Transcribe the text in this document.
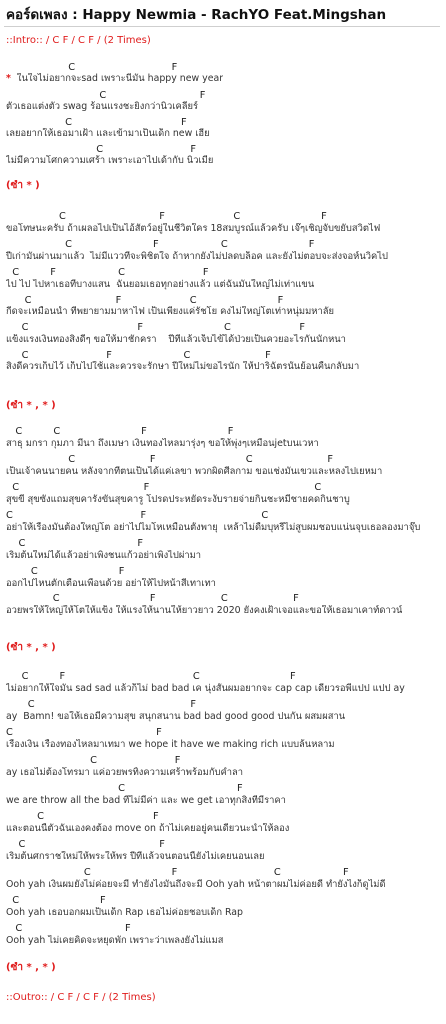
คอร์ดเพลง : Happy Newmia - RachYO Feat.Mingshan
::Intro:: / C F / C F / (2 Times)
C                               F
*  ในใจไม่อยากจะsad เพราะนี่มัน happy new year
C                              F
ตัวเธอแต่งตัว swag ร้อนแรงชะยิ่งกว่านิวเคลียร์
C                                   F
เลยอยากให้เธอมาเฝ้า และเข้ามาเป็นเด็ก new เฮีย
C                            F
ไม่มีความโศกความเศร้า เพราะเอาไปเด้ากับ นิวเมีย
(ซ้ำ * )
C                              F                      C                          F
ขอโทษนะครับ ถ้าเผลอไปเป็นไอ้สัตว์อยู่ในชีวิตใคร 18สมบูรณ์แล้วครับ เจ๊ๆเชิญจับขยับสวิตไฟ
C                          F                    C                          F
ปีเก่ามันผ่านมาแล้ว  ไม่มีแววที่จะพิชิตใจ ถ้าหากยังไม่ปลดบล็อค และยังไม่ตอบจะส่งจอห์นวิคไป
C          F                    C                         F
ไป ไป ไปหาเธอที่บางแสน  ฉันยอมเธอทุกอย่างแล้ว แต่ฉันมันใหญ่ไม่เท่าแขน
C                           F                      C                          F
กีดจะเหมือนน้ำ ที่พยายามมาหาไฟ เป็นเพียงแค่รัชโย คงไม่ใหญ่โตเท่าหนุ่มมหาลัย
C                                   F                          C                      F
แข็งแรงเงินทองสิ่งดีๆ ขอให้มาชักครา    ปีที่แล้วเจ็บไข้ได้ป่วยเป็นควยอะไรกันนักหนา
C                         F                       C                        F
สิ่งดีควรเก็บไว้ เก็บไปใช้และควรจะรักษา ปีใหม่ไม่ขอไรนัก ให้ปาริฉัตรนั้นย้อนคืนกลับมา
(ซ้ำ * , * )
C          C                          F                          F
สาธุ มกรา กุมภา มีนา ถึงเมษา เงินทองไหลมารุ่งๆ ขอให้พุ่งๆเหมือนjetบนเวหา
C                        F                             C                        F
เป็นเจ้าคนนายคน หลังจากที่ตนเป็นได้แค่เลขา พวกผิดศีลกาม ขอแช่งมันเขวและหลงไปเยหมา
C                                        F                                                     C
สุขขี สุขซังแถมสุขคารังขันสุขคารู โปรดประหยัดระงับรายจ่ายกินชะหมี่ชายคดกินชาบู
C                                         F                                     C
อย่าให้เรื่องมันต้องใหญ่โต อย่าไปไมโหเหมือนตั้งพายุ  เหล้าไม่ดื่มบุหรี่ไม่สูบผมชอบแน่นจุบเธอลองมาจุ๊บ
C                                    F
เริ่มต้นใหม่ได้แล้วอย่าเพิ่งชนแก้วอย่าเพิ่งไปผ่ามา
C                          F
ออกไปไหนตักเตือนเพื่อนด้วย อย่าให้ไปหน้าสีเทาเทา
C                             F                     C                     F
อวยพรให้ใหญ่ให้โตให้แข็ง ให้แรงให้นานให้ยาวยาว 2020 ยังคงเฝ้าเจอและขอให้เธอมาเคาท์ดาวน์
(ซ้ำ * , * )
C          F                                         C                             F
ไม่อยากให้ใจมัน sad sad แล้วก็ไม่ bad bad เค นุ่งสั้นผมอยากจะ cap cap เดี๋ยวรอพี่แปป แปป ay
C                                                  F
ay  Bamn! ขอให้เธอมีความสุข สนุกสนาน bad bad good good ปนกัน ผสมผสาน
C                                              F
เรื่องเงิน เรื่องทองไหลมาเทมา we hope it have we making rich แบบล้นหลาม
C                         F
ay เธอไม่ต้องโทรมา แค่อวยพรทิ้งความเศร้าพร้อมกับคำลา
C                                    F
we are throw all the bad ที่ไม่มีค่า และ we get เอาทุกสิ่งที่มีราคา
C                                   F
และตอนนี้ตัวฉันเองคงต้อง move on ถ้าไม่เคยอยู่คนเดียวนะนำให้ลอง
C                                           F
เริ่มต้นศกราชใหม่ให้พระให้พร ปีที่แล้วจนตอนนี้ยังไม่เคยนอนเลย
C                          F                               C                    F
Ooh yah เงินผมยังไม่ค่อยจะมี ทำยังไงมันถึงจะมี Ooh yah หน้าตาผมไม่ค่อยดี ทำยังไงก็ดูไม่ดี
C                          F
Ooh yah เธอบอกผมเป็นเด็ก Rap เธอไม่ค่อยชอบเด็ก Rap
C                                 F
Ooh yah ไม่เคยคิดจะหยุดพัก เพราะว่าเพลงยังไม่แมส
(ซ้ำ * , * )
::Outro:: / C F / C F / (2 Times)
